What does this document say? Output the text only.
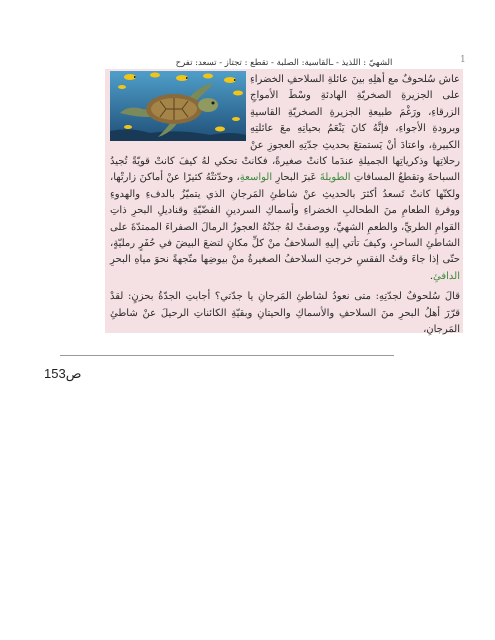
1
الشهيّ : اللذيذ - ـالقاسية: الصلبة - تقطع : تجتاز - تسعد: تفرح

عاش سُلحوفٌ مع أهلِهِ بينَ عائلةِ السلاحفِ الخضراءِ على الجزيرةِ الصخريّةِ الهادئةِ وسْطَ الأمواجِ الزرقاءِ، ورَغْمَ طبيعةِ الجزيرةِ الصخريّةِ القاسيةِ وبرودةِ الأجواءِ، فإنَّهُ كانَ يَنْعَمُ بحياتِهِ معَ عائلتِهِ الكبيرةِ، واعتادَ أنْ يَستمتعَ بحديثِ جدّتِهِ العجوزِ عنْ رحلاتِها وذكرياتِها الجميلةِ عندَما كانتْ صغيرةً، فكانتْ تحكي لهُ كيفَ كانتْ قويّةً تُجيدُ السباحةَ وتقطعُ المسافاتِ الطويلةَ عَبرَ البحارِ الواسعةِ، وحدّثتْهُ كثيرًا عنْ أماكنَ زارتْها، ولكنّها كانتْ تَسعدُ أكثرَ بالحديثِ عنْ شاطئِ المَرجانِ الذي يتميّزُ بالدفءِ والهدوءِ ووفرةِ الطعامِ منَ الطحالبِ الخضراءِ وأسماكِ السردينِ الفضّيّةِ وقناديلِ البحرِ ذاتِ القوامِ الطريِّ، والطعمِ الشهيِّ، ووصفتْ لهُ جدّتُهُ العجوزُ الرمالَ الصفراءَ الممتدّةَ على الشاطئِ الساحرِ، وكيفَ تأتي إليهِ السلاحفُ منْ كلِّ مكانٍ لتضعَ البيضَ في حُفَرٍ رمليّةٍ، حتّى إذا جاءَ وقتُ الفقسِ خرجتِ السلاحفُ الصغيرةُ منْ بيوضِها متّجهةً نحوَ مياهِ البحرِ الدافئِ.

قالَ سُلحوفٌ لجدّتِهِ: متى نعودُ لشاطئِ المَرجانِ يا جدّتي؟ أجابتِ الجدّةُ بحزنٍ: لقدْ قرّرَ أهلُ البحرِ منَ السلاحفِ والأسماكِ والحيتانِ وبقيّةِ الكائناتِ الرحيلَ عنْ شاطئِ المَرجانِ،

ص153
